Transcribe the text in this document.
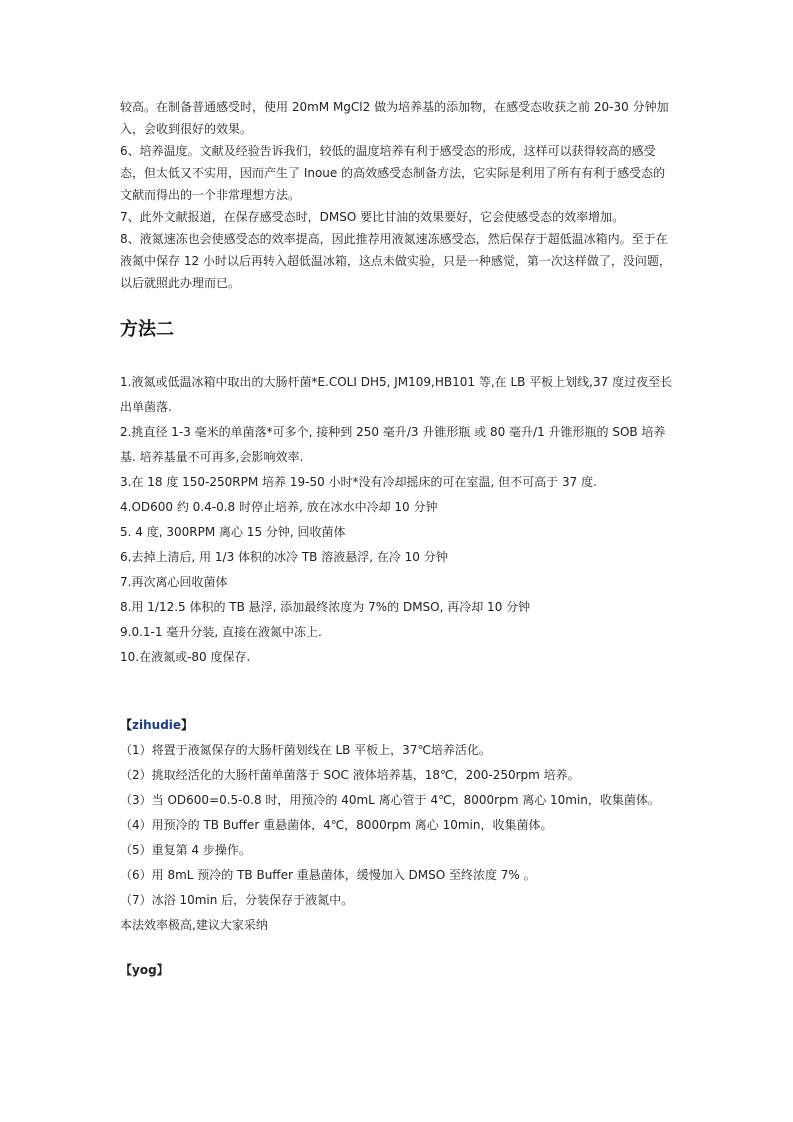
较高。在制备普通感受时，使用 20mM MgCl2 做为培养基的添加物，在感受态收获之前 20-30 分钟加入，会收到很好的效果。

6、培养温度。文献及经验告诉我们，较低的温度培养有利于感受态的形成，这样可以获得较高的感受态，但太低又不实用，因而产生了 Inoue 的高效感受态制备方法，它实际是利用了所有有利于感受态的文献而得出的一个非常理想方法。

7、此外文献报道，在保存感受态时，DMSO 要比甘油的效果要好，它会使感受态的效率增加。

8、液氮速冻也会使感受态的效率提高，因此推荐用液氮速冻感受态，然后保存于超低温冰箱内。至于在液氮中保存 12 小时以后再转入超低温冰箱，这点未做实验，只是一种感觉，第一次这样做了，没问题，以后就照此办理而已。

方法二

1.液氮或低温冰箱中取出的大肠杆菌*E.COLI DH5, JM109,HB101 等,在 LB 平板上划线,37 度过夜至长出单菌落.

2.挑直径 1-3 毫米的单菌落*可多个, 接种到 250 毫升/3 升锥形瓶 或 80 毫升/1 升锥形瓶的 SOB 培养基. 培养基量不可再多,会影响效率.

3.在 18 度 150-250RPM 培养 19-50 小时*没有冷却摇床的可在室温, 但不可高于 37 度.

4.OD600 约 0.4-0.8 时停止培养, 放在冰水中冷却 10 分钟

5. 4 度, 300RPM 离心 15 分钟, 回收菌体

6.去掉上清后, 用 1/3 体积的冰冷 TB 溶液悬浮, 在冷 10 分钟

7.再次离心回收菌体

8.用 1/12.5 体积的 TB 悬浮, 添加最终浓度为 7%的 DMSO, 再冷却 10 分钟

9.0.1-1 毫升分装, 直接在液氮中冻上.

10.在液氮或-80 度保存.

【zihudie】

（1）将置于液氮保存的大肠杆菌划线在 LB 平板上，37℃培养活化。

（2）挑取经活化的大肠杆菌单菌落于 SOC 液体培养基，18℃，200-250rpm 培养。

（3）当 OD600=0.5-0.8 时，用预冷的 40mL 离心管于 4℃，8000rpm 离心 10min，收集菌体。

（4）用预冷的 TB Buffer 重悬菌体，4℃，8000rpm 离心 10min，收集菌体。

（5）重复第 4 步操作。

（6）用 8mL 预冷的 TB Buffer 重悬菌体，缓慢加入 DMSO 至终浓度 7% 。

（7）冰浴 10min 后，分装保存于液氮中。

本法效率极高,建议大家采纳

【yog】
